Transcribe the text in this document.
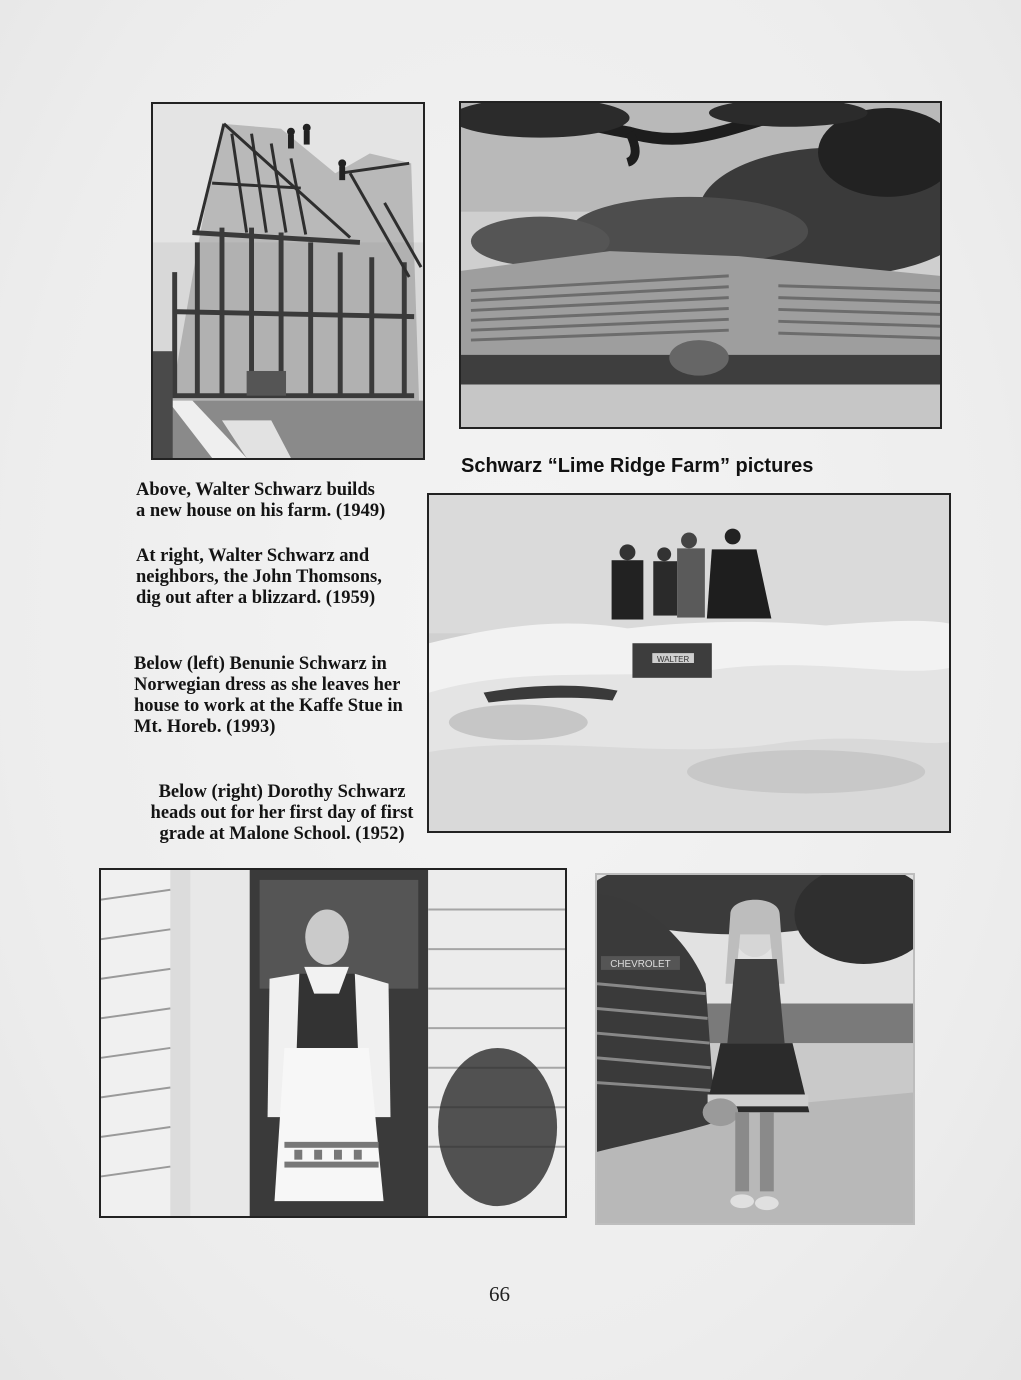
Schwarz “Lime Ridge Farm” pictures
Above, Walter Schwarz builds
a new house on his farm. (1949)
At right, Walter Schwarz and
neighbors, the John Thomsons,
dig out after a blizzard. (1959)
Below (left) Benunie Schwarz in
Norwegian dress as she leaves her
house to work at the Kaffe Stue in
Mt. Horeb. (1993)
Below (right) Dorothy Schwarz
heads out for her first day of first
grade at Malone School. (1952)
WALTER
CHEVROLET
66
